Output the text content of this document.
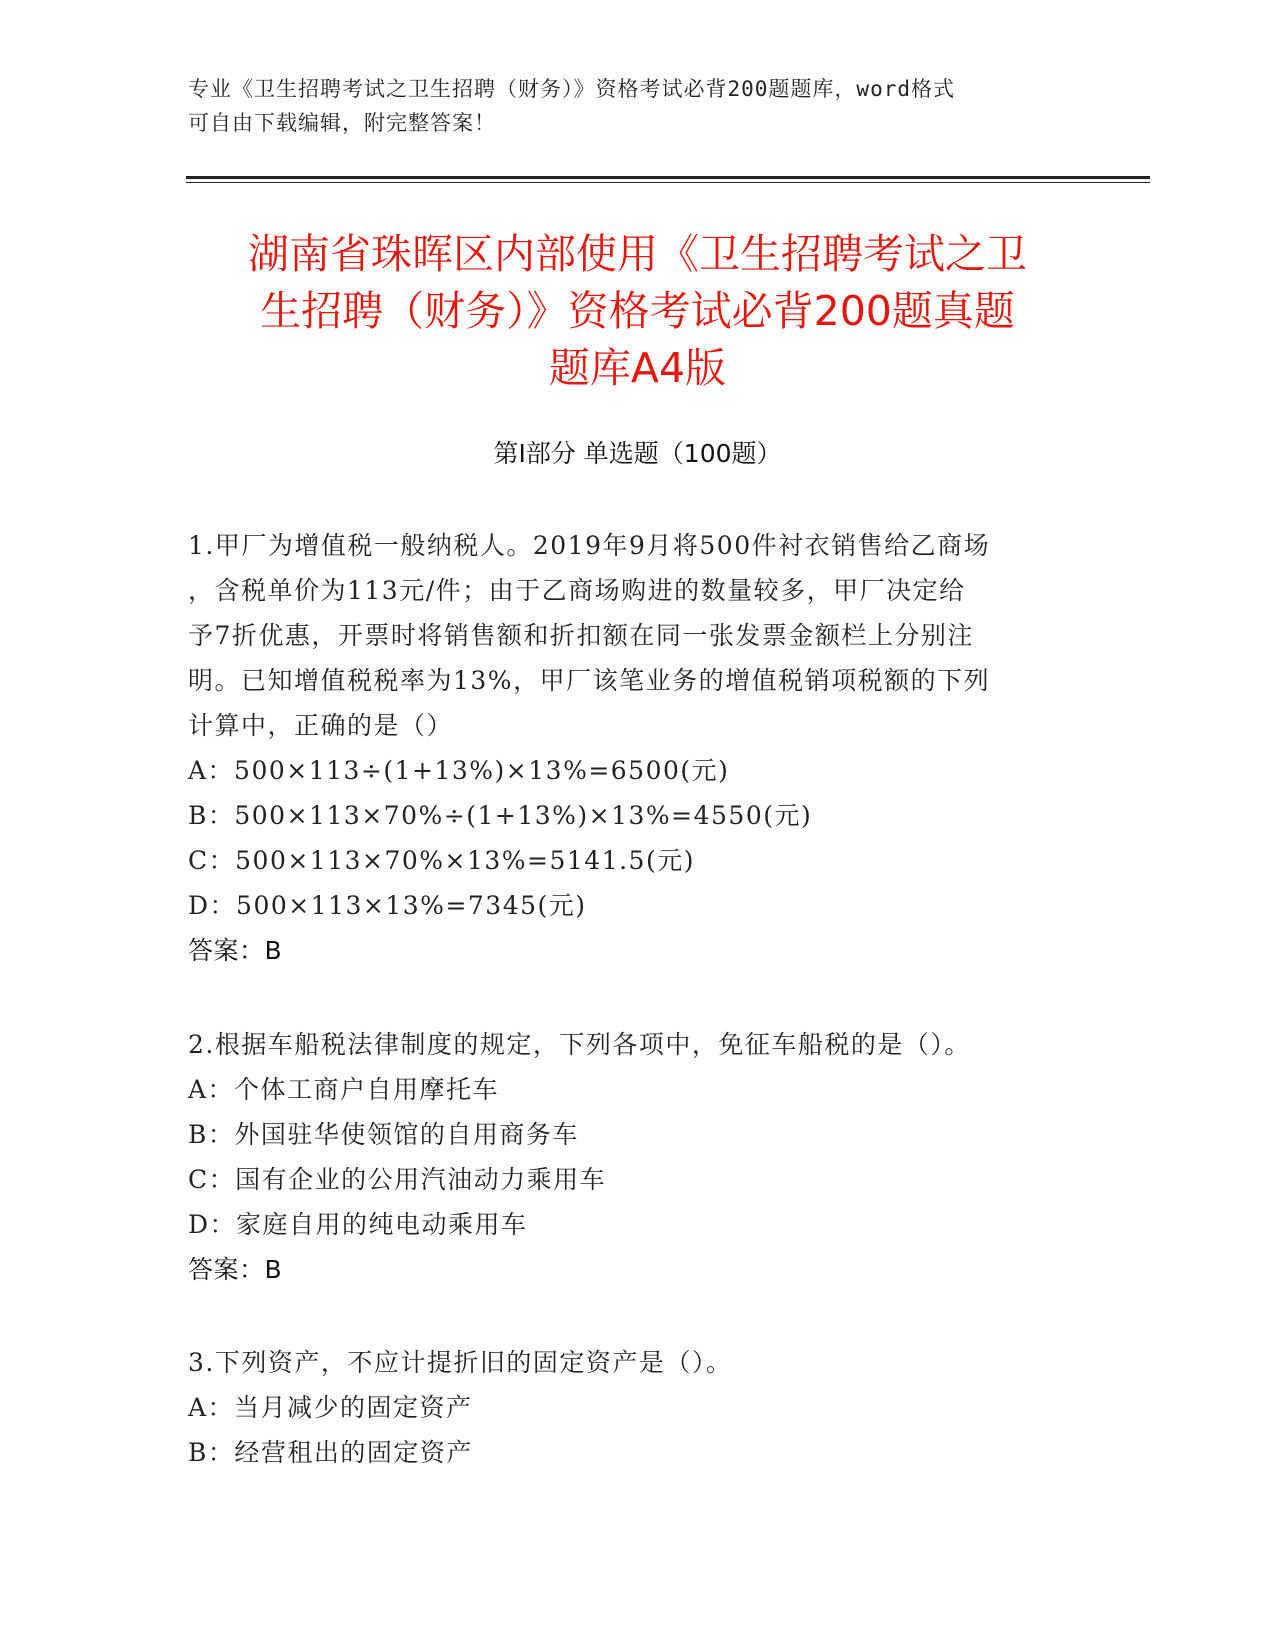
专业《卫生招聘考试之卫生招聘（财务）》资格考试必背200题题库，word格式
可自由下载编辑，附完整答案！
湖南省珠晖区内部使用《卫生招聘考试之卫
生招聘（财务）》资格考试必背200题真题
题库A4版
第Ⅰ部分 单选题（100题）
1.甲厂为增值税一般纳税人。2019年9月将500件衬衣销售给乙商场
，含税单价为113元/件；由于乙商场购进的数量较多，甲厂决定给
予7折优惠，开票时将销售额和折扣额在同一张发票金额栏上分别注
明。已知增值税税率为13%，甲厂该笔业务的增值税销项税额的下列
计算中，正确的是（）
A：500×113÷(1+13%)×13%=6500(元)
B：500×113×70%÷(1+13%)×13%=4550(元)
C：500×113×70%×13%=5141.5(元)
D：500×113×13%=7345(元)
答案：B
2.根据车船税法律制度的规定，下列各项中，免征车船税的是（）。
A：个体工商户自用摩托车
B：外国驻华使领馆的自用商务车
C：国有企业的公用汽油动力乘用车
D：家庭自用的纯电动乘用车
答案：B
3.下列资产，不应计提折旧的固定资产是（）。
A：当月减少的固定资产
B：经营租出的固定资产
